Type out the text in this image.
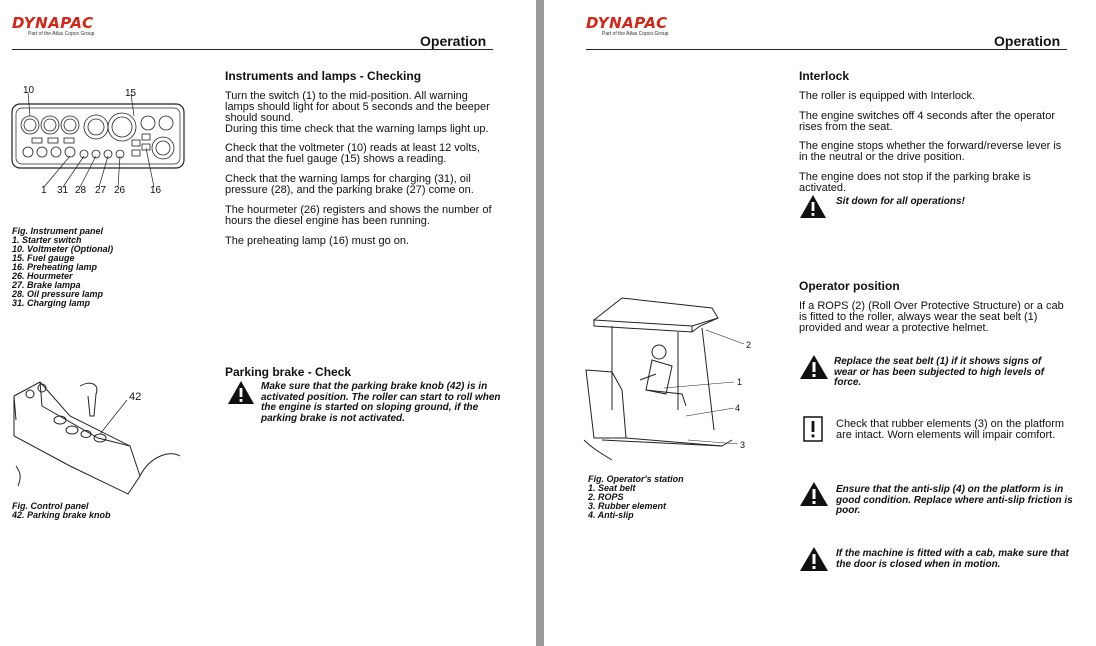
DYNAPAC
Part of the Atlas Copco Group	Operation
10	15
1 31 28 27 26 16
Fig. Instrument panel
1. Starter switch
10. Voltmeter (Optional)
15. Fuel gauge
16. Preheating lamp
26. Hourmeter
27. Brake lampa
28. Oil pressure lamp
31. Charging lamp
Instruments and lamps - Checking
Turn the switch (1) to the mid-position. All warning
lamps should light for about 5 seconds and the beeper
should sound.
During this time check that the warning lamps light up.
Check that the voltmeter (10) reads at least 12 volts,
and that the fuel gauge (15) shows a reading.
Check that the warning lamps for charging (31), oil
pressure (28), and the parking brake (27) come on.
The hourmeter (26) registers and shows the number of
hours the diesel engine has been running.
The preheating lamp (16) must go on.
42
Fig. Control panel
42. Parking brake knob
Parking brake - Check
Make sure that the parking brake knob (42) is in
activated position. The roller can start to roll when
the engine is started on sloping ground, if the
parking brake is not activated.
DYNAPAC
Part of the Atlas Copco Group	Operation
Interlock
The roller is equipped with Interlock.
The engine switches off 4 seconds after the operator
rises from the seat.
The engine stops whether the forward/reverse lever is
in the neutral or the drive position.
The engine does not stop if the parking brake is
activated.
Sit down for all operations!
Operator position
If a ROPS (2) (Roll Over Protective Structure) or a cab
is fitted to the roller, always wear the seat belt (1)
provided and wear a protective helmet.
Replace the seat belt (1) if it shows signs of
wear or has been subjected to high levels of
force.
Check that rubber elements (3) on the platform
are intact. Worn elements will impair comfort.
Ensure that the anti-slip (4) on the platform is in
good condition. Replace where anti-slip friction is
poor.
If the machine is fitted with a cab, make sure that
the door is closed when in motion.
2
1
4
3
Fig. Operator's station
1. Seat belt
2. ROPS
3. Rubber element
4. Anti-slip
